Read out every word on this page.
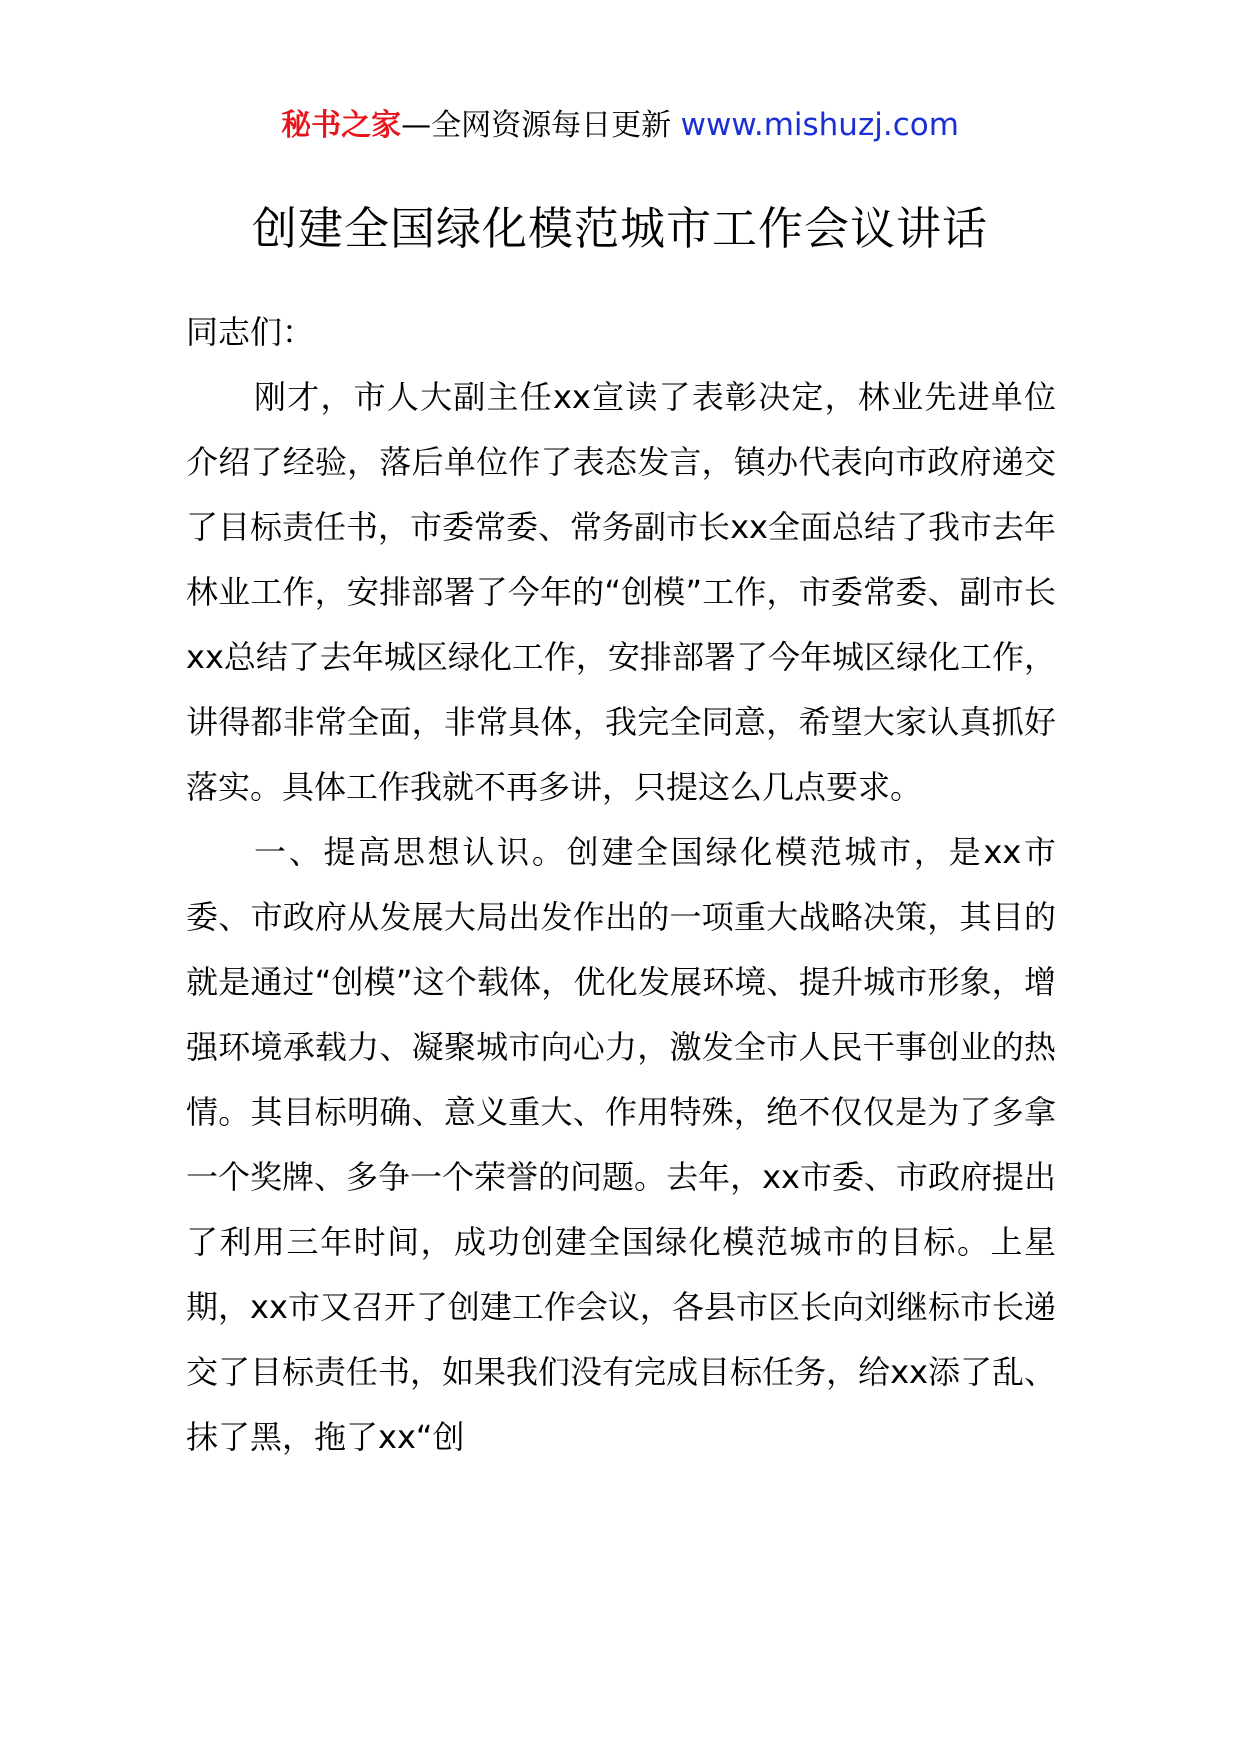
秘书之家—全网资源每日更新 www.mishuzj.com
创建全国绿化模范城市工作会议讲话

同志们：

刚才，市人大副主任xx宣读了表彰决定，林业先进单位介绍了经验，落后单位作了表态发言，镇办代表向市政府递交了目标责任书，市委常委、常务副市长xx全面总结了我市去年林业工作，安排部署了今年的“创模”工作，市委常委、副市长xx总结了去年城区绿化工作，安排部署了今年城区绿化工作，讲得都非常全面，非常具体，我完全同意，希望大家认真抓好落实。具体工作我就不再多讲，只提这么几点要求。

一、提高思想认识。创建全国绿化模范城市，是xx市委、市政府从发展大局出发作出的一项重大战略决策，其目的就是通过“创模”这个载体，优化发展环境、提升城市形象，增强环境承载力、凝聚城市向心力，激发全市人民干事创业的热情。其目标明确、意义重大、作用特殊，绝不仅仅是为了多拿一个奖牌、多争一个荣誉的问题。去年，xx市委、市政府提出了利用三年时间，成功创建全国绿化模范城市的目标。上星期，xx市又召开了创建工作会议，各县市区长向刘继标市长递交了目标责任书，如果我们没有完成目标任务，给xx添了乱、抹了黑，拖了xx“创
